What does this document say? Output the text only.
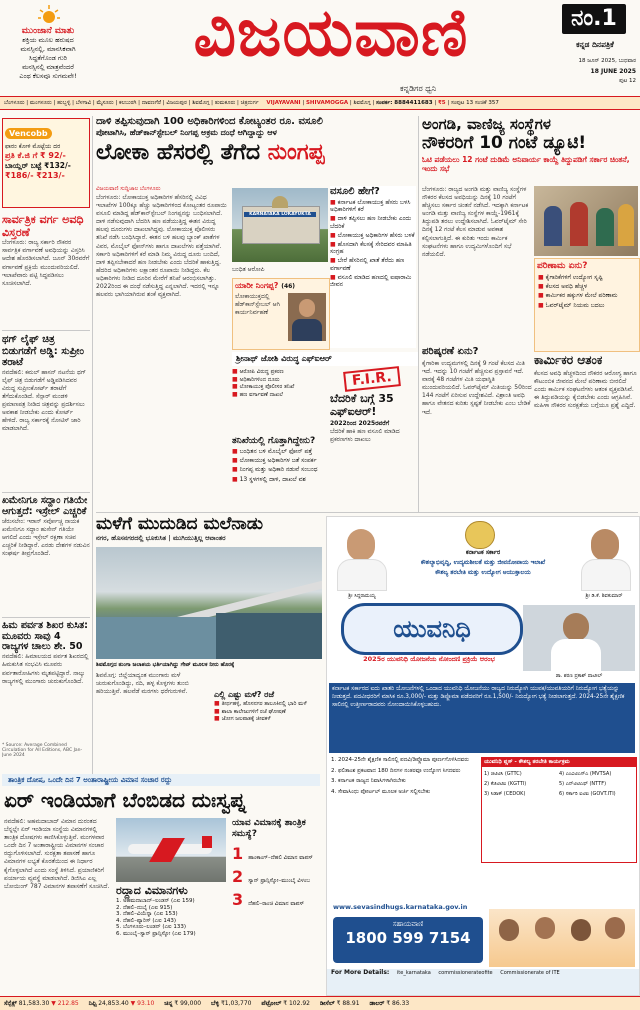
ಮುಂಜಾನೆ ಮಾತು
ಶಕ್ತಿಯ ಮೂಲ ಹರುಷದ
ಮನಸ್ಸಿನಲ್ಲಿ, ಮಾನಸಿಕವಾಗಿ
ಸಿದ್ಧತೆಗೊಂಡ ಗುರಿ
ಮನಸ್ಸಿನಲ್ಲಿ ಮಾತ್ರವೆಂದರೆ
ಎಂಥ ಕೆಲಸವೂ ಸುಗಮವೇ!
ವಿಜಯವಾಣಿ
ಕನ್ನಡಿಗರ ಧ್ವನಿ
ನಂ.1
ಕನ್ನಡ ದಿನಪತ್ರಿಕೆ
18 ಜೂನ್ 2025, ಬುಧವಾರ
18 JUNE 2025
ಪುಟ 12
ಬೆಂಗಳೂರು | ಮಂಗಳೂರು | ಹುಬ್ಬಳ್ಳಿ | ಬೆಳಗಾವಿ | ಮೈಸೂರು | ಕಲಬುರಗಿ | ದಾವಣಗೆರೆ | ವಿಜಯಪುರ | ಶಿವಮೊಗ್ಗ | ತುಮಕೂರು | ಚಿತ್ರದುರ್ಗ VIJAYAVANI | SHIVAMOGGA | ಶಿವಮೊಗ್ಗ | ಸಂಪರ್ಕ: 8884411683 | ₹5 | ಸಂಪುಟ 13 ಸಂಚಿಕೆ 357
Vencobb
ಫಾರಂ ಕೋಳಿ ಮೊಟ್ಟೆಯ ದರ
ಪ್ರತಿ ಕೆ.ಜಿ ಗೆ ₹ 92/-
ಬಾಯ್ಲರ್ ಬಟ್ಟೆ ₹132/-
₹186/- ₹213/-
ಸಾರ್ವತ್ರಿಕ ವರ್ಗ ಅವಧಿ ವಿಸ್ತರಣೆ
ಬೆಂಗಳೂರು: ರಾಜ್ಯ ಸರ್ಕಾರಿ ನೌಕರರ ಸಾರ್ವತ್ರಿಕ ವರ್ಗಾವಣೆ ಅವಧಿಯನ್ನು ವಿಸ್ತರಿಸಿ ಆದೇಶ ಹೊರಡಿಸಲಾಗಿದೆ. ಜೂನ್ 30ರವರೆಗೆ ವರ್ಗಾವಣೆ ಪ್ರಕ್ರಿಯೆ ಮುಂದುವರಿಯಲಿದೆ. ಇಲಾಖೆವಾರು ಪಟ್ಟಿ ಸಿದ್ಧಪಡಿಸಲು ಸೂಚಿಸಲಾಗಿದೆ.
ಥಗ್ ಲೈಫ್ ಚಿತ್ರ ಬಿಡುಗಡೆಗೆ ಅಡ್ಡಿ: ಸುಪ್ರೀಂ ತರಾಟೆ
ನವದೆಹಲಿ: ಕಮಲ್ ಹಾಸನ್ ನಟನೆಯ ಥಗ್ ಲೈಫ್ ಚಿತ್ರ ಬಿಡುಗಡೆಗೆ ಅಡ್ಡಿಪಡಿಸಿದವರ ವಿರುದ್ಧ ಸುಪ್ರೀಂಕೋರ್ಟ್ ತರಾಟೆಗೆ ತೆಗೆದುಕೊಂಡಿದೆ. ಸೆನ್ಸಾರ್ ಮಂಡಳಿ ಪ್ರಮಾಣಪತ್ರ ನೀಡಿದ ಚಿತ್ರವನ್ನು ಪ್ರದರ್ಶಿಸಲು ಅವಕಾಶ ನೀಡಬೇಕು ಎಂದು ಕೋರ್ಟ್ ಹೇಳಿದೆ. ರಾಜ್ಯ ಸರ್ಕಾರಕ್ಕೆ ನೋಟಿಸ್ ಜಾರಿ ಮಾಡಲಾಗಿದೆ.
ಖಮೇನಿಗೂ ಸದ್ದಾಂ ಗತಿಯೇ ಆಗುತ್ತದೆ: ಇಸ್ರೇಲ್ ಎಚ್ಚರಿಕೆ
ಜೆರುಸಲೇಂ: ಇರಾನ್ ಸರ್ವೋಚ್ಚ ನಾಯಕ ಖಮೇನಿಗೂ ಸದ್ದಾಂ ಹುಸೇನ್ ಗತಿಯೇ ಆಗಲಿದೆ ಎಂದು ಇಸ್ರೇಲ್ ರಕ್ಷಣಾ ಸಚಿವ ಎಚ್ಚರಿಕೆ ನೀಡಿದ್ದಾರೆ. ಎರಡು ದೇಶಗಳ ನಡುವಿನ ಸಂಘರ್ಷ ತೀವ್ರಗೊಂಡಿದೆ.
ಹಿಮ ಪರ್ವತ ಶಿಖರ ಕುಸಿತ: ಮೂವರು ಸಾವು 4 ರಾಜ್ಯಗಳ ಚಾಲು ಶೇ. 50
ನವದೆಹಲಿ: ಹಿಮಾಲಯದ ಪರ್ವತ ಶಿಖರದಲ್ಲಿ ಹಿಮಕುಸಿತ ಸಂಭವಿಸಿ ಮೂವರು ಪರ್ವತಾರೋಹಿಗಳು ಮೃತಪಟ್ಟಿದ್ದಾರೆ. ನಾಲ್ಕು ರಾಜ್ಯಗಳಲ್ಲಿ ಮುಂಗಾರು ಚುರುಕುಗೊಂಡಿದೆ.
* Source: Average Combined Circulation for All Editions, ABC Jan-June 2024
ದಾಳಿ ತಪ್ಪಿಸುವುದಾಗಿ 100 ಅಧಿಕಾರಿಗಳಿಂದ ಕೋಟ್ಯಂತರ ರೂ. ವಸೂಲಿ
ಪೋಟಾಗಿಸಿ, ಹೆಡ್‌ಕಾನ್‌ಸ್ಟೇಬಲ್ ನಿಂಗಪ್ಪ ಅಕ್ರಮ ದಂಧೆ ಆಗಿದ್ದಾದ್ದು ಆಳ
ಲೋಕಾ ಹೆಸರಲ್ಲಿ ತೆಗೆದ ನುಂಗಪ್ಪ
ವಿಜಯವಾಣಿ ಸುದ್ದಿಜಾಲ ಬೆಂಗಳೂರು
ಬೆಂಗಳೂರು: ಲೋಕಾಯುಕ್ತ ಅಧಿಕಾರಿಗಳ ಹೆಸರಿನಲ್ಲಿ ವಿವಿಧ ಇಲಾಖೆಗಳ 100ಕ್ಕೂ ಹೆಚ್ಚು ಅಧಿಕಾರಿಗಳಿಂದ ಕೋಟ್ಯಂತರ ರೂಪಾಯಿ ವಸೂಲಿ ಮಾಡಿದ್ದ ಹೆಡ್‌ಕಾನ್‌ಸ್ಟೇಬಲ್ ನಿಂಗಪ್ಪನನ್ನು ಬಂಧಿಸಲಾಗಿದೆ. ದಾಳಿ ನಡೆಸುವುದಾಗಿ ಬೆದರಿಸಿ ಹಣ ಪಡೆಯುತ್ತಿದ್ದ ಈತನ ವಿರುದ್ಧ ಹಲವು ದೂರುಗಳು ದಾಖಲಾಗಿದ್ದವು. ಲೋಕಾಯುಕ್ತ ಪೊಲೀಸರು ತನಿಖೆ ನಡೆಸಿ ಬಂಧಿಸಿದ್ದಾರೆ. ಈತನ ಬಳಿ ಹಲವು ಬ್ಯಾಂಕ್ ಖಾತೆಗಳ ವಿವರ, ಮೊಬೈಲ್ ಫೋನ್‌ಗಳು ಹಾಗೂ ದಾಖಲೆಗಳು ಪತ್ತೆಯಾಗಿವೆ. ಸರ್ಕಾರಿ ಅಧಿಕಾರಿಗಳಿಗೆ ಕರೆ ಮಾಡಿ ನಿಮ್ಮ ವಿರುದ್ಧ ದೂರು ಬಂದಿದೆ, ದಾಳಿ ತಪ್ಪಿಸಬೇಕಾದರೆ ಹಣ ನೀಡಬೇಕು ಎಂದು ಬೆದರಿಕೆ ಹಾಕುತ್ತಿದ್ದ. ಹೆದರಿದ ಅಧಿಕಾರಿಗಳು ಲಕ್ಷಾಂತರ ರೂಪಾಯಿ ನೀಡಿದ್ದರು. ಕೆಲ ಅಧಿಕಾರಿಗಳು ನೀಡಿದ ದೂರಿನ ಮೇರೆಗೆ ತನಿಖೆ ಆರಂಭಿಸಲಾಗಿತ್ತು. 2022ರಿಂದ ಈ ದಂಧೆ ನಡೆಸುತ್ತಿದ್ದ ಎನ್ನಲಾಗಿದೆ. ಇದರಲ್ಲಿ ಇನ್ನೂ ಹಲವರು ಭಾಗಿಯಾಗಿರುವ ಶಂಕೆ ವ್ಯಕ್ತವಾಗಿದೆ.
KARNATAKA LOKAYUKTA
ಬಂಧಿತ ಆರೋಪಿ
ಯಾರೀ ನಿಂಗಪ್ಪ? (46)
ಲೋಕಾಯುಕ್ತದಲ್ಲಿ ಹೆಡ್‌ಕಾನ್‌ಸ್ಟೇಬಲ್ ಆಗಿ ಕಾರ್ಯನಿರ್ವಹಣೆ
ಶ್ರೀನಾಥ್ ಜೋಶಿ ವಿರುದ್ಧ ಎಫ್‌ಐಆರ್
ವಸೂಲಿ ಹೇಗೆ?
■ ಕರ್ನಾಟಕ ಲೋಕಾಯುಕ್ತ ಹೆಸರು ಬಳಸಿ ಅಧಿಕಾರಿಗಳಿಗೆ ಕರೆ
■ ದಾಳಿ ತಪ್ಪಿಸಲು ಹಣ ನೀಡಬೇಕು ಎಂದು ಬೆದರಿಕೆ
■ ಲೋಕಾಯುಕ್ತ ಅಧಿಕಾರಿಗಳ ಹೆಸರು ಬಳಕೆ
■ ಹೊಸದಾಗಿ ಕೆಲಸಕ್ಕೆ ಸೇರಿದವರ ಮಾಹಿತಿ ಸಂಗ್ರಹ
■ ಬೇರೆ ಹೆಸರಿನಲ್ಲಿ ಖಾತೆ ತೆರೆದು ಹಣ ವರ್ಗಾವಣೆ
■ ವಸೂಲಿ ಮಾಡಿದ ಹಣದಲ್ಲಿ ಐಷಾರಾಮಿ ಜೀವನ
F.I.R.
ಬೆದರಿಕೆ ಬಗ್ಗೆ 35 ಎಫ್‌ಐಆರ್!
2022ರಿಂದ 2025ರವರೆಗೆ
ಬೆದರಿಕೆ ಹಾಕಿ ಹಣ ವಸೂಲಿ ಮಾಡಿದ ಪ್ರಕರಣಗಳು ದಾಖಲು
■ ಆರೋಪಿ ವಿರುದ್ಧ ಪ್ರಕರಣ
■ ಅಧಿಕಾರಿಗಳಿಂದ ದೂರು
■ ಲೋಕಾಯುಕ್ತ ಪೊಲೀಸರ ತನಿಖೆ
■ ಹಣ ವರ್ಗಾವಣೆ ದಾಖಲೆ
ತನಿಖೆಯಲ್ಲಿ ಗೊತ್ತಾಗಿದ್ದೇನು?
■ ಬಂಧಿತನ ಬಳಿ ಮೊಬೈಲ್ ಫೋನ್ ಪತ್ತೆ
■ ಲೋಕಾಯುಕ್ತ ಅಧಿಕಾರಿಗಳ ಜತೆ ಸಂಪರ್ಕ
■ ನಿಂಗಪ್ಪ ಮತ್ತು ಅಧಿಕಾರಿ ನಡುವೆ ಸಂಬಂಧ
■ 13 ಸ್ಥಳಗಳಲ್ಲಿ ದಾಳಿ, ದಾಖಲೆ ವಶ
ಅಂಗಡಿ, ವಾಣಿಜ್ಯ ಸಂಸ್ಥೆಗಳ
ನೌಕರರಿಗೆ 10 ಗಂಟೆ ಡ್ಯೂಟಿ!
ಓಟಿ ಪಡೆಯಲು 12 ಗಂಟೆ ದುಡಿಮೆ ಅನಿವಾರ್ಯ ಕಾಯ್ದೆ ತಿದ್ದುಪಡಿಗೆ ಸರ್ಕಾರ ಚಿಂತನೆ, ಇಂದು ಸಭೆ
ಬೆಂಗಳೂರು: ರಾಜ್ಯದ ಅಂಗಡಿ ಮತ್ತು ವಾಣಿಜ್ಯ ಸಂಸ್ಥೆಗಳ ನೌಕರರ ಕೆಲಸದ ಅವಧಿಯನ್ನು ದಿನಕ್ಕೆ 10 ಗಂಟೆಗೆ ಹೆಚ್ಚಿಸಲು ಸರ್ಕಾರ ಚಿಂತನೆ ನಡೆಸಿದೆ. ಇದಕ್ಕಾಗಿ ಕರ್ನಾಟಕ ಅಂಗಡಿ ಮತ್ತು ವಾಣಿಜ್ಯ ಸಂಸ್ಥೆಗಳ ಕಾಯ್ದೆ-1961ಕ್ಕೆ ತಿದ್ದುಪಡಿ ತರಲು ಉದ್ದೇಶಿಸಲಾಗಿದೆ. ಓವರ್‌ಟೈಮ್ ಸೇರಿ ದಿನಕ್ಕೆ 12 ಗಂಟೆ ಕೆಲಸ ಮಾಡುವ ಅವಕಾಶ ಕಲ್ಪಿಸಲಾಗುತ್ತಿದೆ. ಈ ಕುರಿತು ಇಂದು ಕಾರ್ಮಿಕ ಸಂಘಟನೆಗಳು ಹಾಗೂ ಉದ್ಯಮಿಗಳೊಂದಿಗೆ ಸಭೆ ನಡೆಯಲಿದೆ.
ಪರಿಣಾಮ ಏನು?
■ ಕೈಗಾರಿಕೆಗಳಿಗೆ ಉದ್ಯೋಗ ಸೃಷ್ಟಿ
■ ಕೆಲಸದ ಅವಧಿ ಹೆಚ್ಚಳ
■ ಕಾರ್ಮಿಕರ ಹಕ್ಕುಗಳ ಮೇಲೆ ಪರಿಣಾಮ
■ ಓವರ್‌ಟೈಮ್ ನಿಯಮ ಬದಲು
ಪರಿಷ್ಕರಣೆ ಏನು?
ಕೈಗಾರಿಕಾ ಉದ್ಯಮಗಳಲ್ಲಿ ದಿನಕ್ಕೆ 9 ಗಂಟೆ ಕೆಲಸದ ಮಿತಿ ಇದೆ. ಇದನ್ನು 10 ಗಂಟೆಗೆ ಹೆಚ್ಚಿಸುವ ಪ್ರಸ್ತಾವನೆ ಇದೆ. ವಾರಕ್ಕೆ 48 ಗಂಟೆಗಳ ಮಿತಿ ಯಥಾಸ್ಥಿತಿ ಮುಂದುವರಿಯಲಿದೆ. ಓವರ್‌ಟೈಮ್ ಮಿತಿಯನ್ನು 50ರಿಂದ 144 ಗಂಟೆಗೆ ಏರಿಸುವ ಉದ್ದೇಶವಿದೆ. ವಿಶ್ರಾಂತಿ ಅವಧಿ ಹಾಗೂ ವೇತನದ ಕುರಿತು ಸ್ಪಷ್ಟತೆ ನೀಡಬೇಕು ಎಂಬ ಬೇಡಿಕೆ ಇದೆ.
ಕಾರ್ಮಿಕರ ಆತಂಕ
ಕೆಲಸದ ಅವಧಿ ಹೆಚ್ಚಳದಿಂದ ನೌಕರರ ಆರೋಗ್ಯ ಹಾಗೂ ಕೌಟುಂಬಿಕ ಜೀವನದ ಮೇಲೆ ಪರಿಣಾಮ ಬೀರಲಿದೆ ಎಂದು ಕಾರ್ಮಿಕ ಸಂಘಟನೆಗಳು ಆತಂಕ ವ್ಯಕ್ತಪಡಿಸಿವೆ. ಈ ತಿದ್ದುಪಡಿಯನ್ನು ಕೈಬಿಡಬೇಕು ಎಂದು ಆಗ್ರಹಿಸಿವೆ. ಮಹಿಳಾ ನೌಕರರ ಸುರಕ್ಷತೆಯ ಬಗ್ಗೆಯೂ ಪ್ರಶ್ನೆ ಎದ್ದಿದೆ.
ಮಳೆಗೆ ಮುದುಡಿದ ಮಲೆನಾಡು
ನಗರ, ಹೊಸನಗರದಲ್ಲಿ ಭೂಕುಸಿತ | ಮುಗಿಯುತ್ತಿಲ್ಲ ಆವಾಂತರ
ಶಿವಮೊಗ್ಗದ ತುಂಗಾ ಜಲಾಶಯ ಭರ್ತಿಯಾಗಿದ್ದು ಗೇಟ್ ಮೂಲಕ ನೀರು ಹೊರಕ್ಕೆ
ಶಿವಮೊಗ್ಗ: ಜಿಲ್ಲೆಯಾದ್ಯಂತ ಮುಂಗಾರು ಮಳೆ ಚುರುಕುಗೊಂಡಿದ್ದು, ನದಿ, ಹಳ್ಳ ಕೊಳ್ಳಗಳು ತುಂಬಿ ಹರಿಯುತ್ತಿವೆ. ಹಲವೆಡೆ ಮರಗಳು ಧರೆಗುರುಳಿವೆ.	ಎಲ್ಲಿ ಎಷ್ಟು ಮಳೆ? ರಜೆ
■ ತೀರ್ಥಹಳ್ಳಿ, ಹೊಸನಗರ ತಾಲೂಕಿನಲ್ಲಿ ಭಾರಿ ಮಳೆ
■ ಶಾಲಾ ಕಾಲೇಜುಗಳಿಗೆ ರಜೆ ಘೋಷಣೆ
■ ಜೋಗ ಜಲಪಾತಕ್ಕೆ ಜೀವಕಳೆ
ತಾಂತ್ರಿಕ ದೋಷ, ಒಂದೇ ದಿನ 7 ಅಂತಾರಾಷ್ಟ್ರೀಯ ವಿಮಾನ ಸಂಚಾರ ರದ್ದು
ಏರ್ ಇಂಡಿಯಾಗೆ ಬೆಂಬಿಡದ ದುಃಸ್ವಪ್ನ
ನವದೆಹಲಿ: ಅಹಮದಾಬಾದ್ ವಿಮಾನ ದುರಂತದ ಬೆನ್ನಲ್ಲೇ ಏರ್ ಇಂಡಿಯಾ ಸಂಸ್ಥೆಯ ವಿಮಾನಗಳಲ್ಲಿ ತಾಂತ್ರಿಕ ದೋಷಗಳು ಕಾಣಿಸಿಕೊಳ್ಳುತ್ತಿವೆ. ಮಂಗಳವಾರ ಒಂದೇ ದಿನ 7 ಅಂತಾರಾಷ್ಟ್ರೀಯ ವಿಮಾನಗಳ ಸಂಚಾರ ರದ್ದುಗೊಳಿಸಲಾಗಿದೆ. ಸುರಕ್ಷತಾ ತಪಾಸಣೆ ಹಾಗೂ ವಿಮಾನಗಳ ಲಭ್ಯತೆ ಕೊರತೆಯಿಂದ ಈ ನಿರ್ಧಾರ ಕೈಗೊಳ್ಳಲಾಗಿದೆ ಎಂದು ಸಂಸ್ಥೆ ತಿಳಿಸಿದೆ. ಪ್ರಯಾಣಿಕರಿಗೆ ಪರ್ಯಾಯ ವ್ಯವಸ್ಥೆ ಮಾಡಲಾಗಿದೆ. ಡಿಜಿಸಿಎ ಎಲ್ಲ ಬೋಯಿಂಗ್ 787 ವಿಮಾನಗಳ ತಪಾಸಣೆಗೆ ಸೂಚಿಸಿದೆ. ರದ್ದಾದ ವಿಮಾನಗಳು
1. ಅಹಮದಾಬಾದ್–ಲಂಡನ್ (ಎಐ 159)
2. ದೆಹಲಿ–ದುಬೈ (ಎಐ 915)
3. ದೆಹಲಿ–ವಿಯೆನ್ನಾ (ಎಐ 153)
4. ದೆಹಲಿ–ಪ್ಯಾರಿಸ್ (ಎಐ 143)
5. ಬೆಂಗಳೂರು–ಲಂಡನ್ (ಎಐ 133)
6. ಮುಂಬೈ–ಸ್ಯಾನ್ ಫ್ರಾನ್ಸಿಸ್ಕೋ (ಎಐ 179)
ಯಾವ ವಿಮಾನಕ್ಕೆ ತಾಂತ್ರಿಕ ಸಮಸ್ಯೆ?
1 ಹಾಂಕಾಂಗ್–ದೆಹಲಿ ವಿಮಾನ ವಾಪಸ್
2 ಸ್ಯಾನ್ ಫ್ರಾನ್ಸಿಸ್ಕೋ–ಮುಂಬೈ ವಿಳಂಬ
3 ದೆಹಲಿ–ರಾಂಚಿ ವಿಮಾನ ವಾಪಸ್
ಶ್ರೀ ಸಿದ್ದರಾಮಯ್ಯ
ಕರ್ನಾಟಕ ಸರ್ಕಾರ
ಕೌಶಲ್ಯಾಭಿವೃದ್ಧಿ, ಉದ್ಯಮಶೀಲತೆ ಮತ್ತು ಜೀವನೋಪಾಯ ಇಲಾಖೆ
ಕೌಶಲ್ಯ ತರಬೇತಿ ಮತ್ತು ಉದ್ಯೋಗ ಆಯುಕ್ತಾಲಯ
ಶ್ರೀ ಡಿ.ಕೆ. ಶಿವಕುಮಾರ್
ಯುವನಿಧಿ
2025ರ ಯುವನಿಧಿ ಯೋಜನೆಯ ನೋಂದಣಿ ಪ್ರಕ್ರಿಯೆ ಆರಂಭ
ಡಾ. ಶರಣ ಪ್ರಕಾಶ್ ಪಾಟೀಲ್
ಕರ್ನಾಟಕ ಸರ್ಕಾರದ ಐದು ಖಾತರಿ ಯೋಜನೆಗಳಲ್ಲಿ ಒಂದಾದ ಯುವನಿಧಿ ಯೋಜನೆಯು ರಾಜ್ಯದ ನಿರುದ್ಯೋಗಿ ಯುವಕ/ಯುವತಿಯರಿಗೆ ನಿರುದ್ಯೋಗ ಭತ್ಯೆಯನ್ನು ನೀಡುತ್ತದೆ. ಪದವೀಧರರಿಗೆ ಮಾಸಿಕ ರೂ.3,000/- ಮತ್ತು ಡಿಪ್ಲೊಮಾ ಪಡೆದವರಿಗೆ ರೂ.1,500/- ನಿರುದ್ಯೋಗ ಭತ್ಯೆ ನೀಡಲಾಗುತ್ತದೆ. 2024-25ನೇ ಶೈಕ್ಷಣಿಕ ಸಾಲಿನಲ್ಲಿ ಉತ್ತೀರ್ಣರಾದವರು ನೋಂದಾಯಿಸಿಕೊಳ್ಳಬಹುದು.
1. 2024-25ನೇ ಶೈಕ್ಷಣಿಕ ಸಾಲಿನಲ್ಲಿ ಪದವಿ/ಡಿಪ್ಲೊಮಾ ಪೂರ್ಣಗೊಳಿಸಿದವರು
2. ಫಲಿತಾಂಶ ಪ್ರಕಟವಾದ 180 ದಿನಗಳ ನಂತರವೂ ಉದ್ಯೋಗ ಸಿಗದವರು
3. ಕರ್ನಾಟಕ ರಾಜ್ಯದ ನಿವಾಸಿಗಳಾಗಿರಬೇಕು
4. ಸೇವಾಸಿಂಧು ಪೋರ್ಟಲ್ ಮೂಲಕ ಅರ್ಜಿ ಸಲ್ಲಿಸಬೇಕು
ಯುವನಿಧಿ ಪ್ಲಸ್ - ಕೌಶಲ್ಯ ತರಬೇತಿ ಕಾರ್ಯಕ್ರಮ
1) ಜಿಟಿಟಿಸಿ (GTTC)	4) ಎಂವಿಟಿಎಸ್‌ಎ (MVTSA)
2) ಕೆಜಿಟಿಟಿಐ (KGTTI)	5) ಎನ್‌ಟಿಟಿಎಫ್ (NTTF)
3) ಸಿಡಾಕ್ (CEDOK)	6) ಸರ್ಕಾರಿ ಐಟಿಐ (GOVT.ITI)
www.sevasindhugs.karnataka.gov.in
ಸಹಾಯವಾಣಿ
1800 599 7154
For More Details: ite_karnataka commissionerateofite Commissionerate of ITE
ಸೆನ್ಸೆಕ್ಸ್ 81,583.30 ▼ 212.85 ನಿಫ್ಟಿ 24,853.40 ▼ 93.10 ಚಿನ್ನ ₹ 99,000 ಬೆಳ್ಳಿ ₹1,03,770 ಪೆಟ್ರೋಲ್ ₹ 102.92 ಡೀಸೆಲ್ ₹ 88.91 ಡಾಲರ್ ₹ 86.33
